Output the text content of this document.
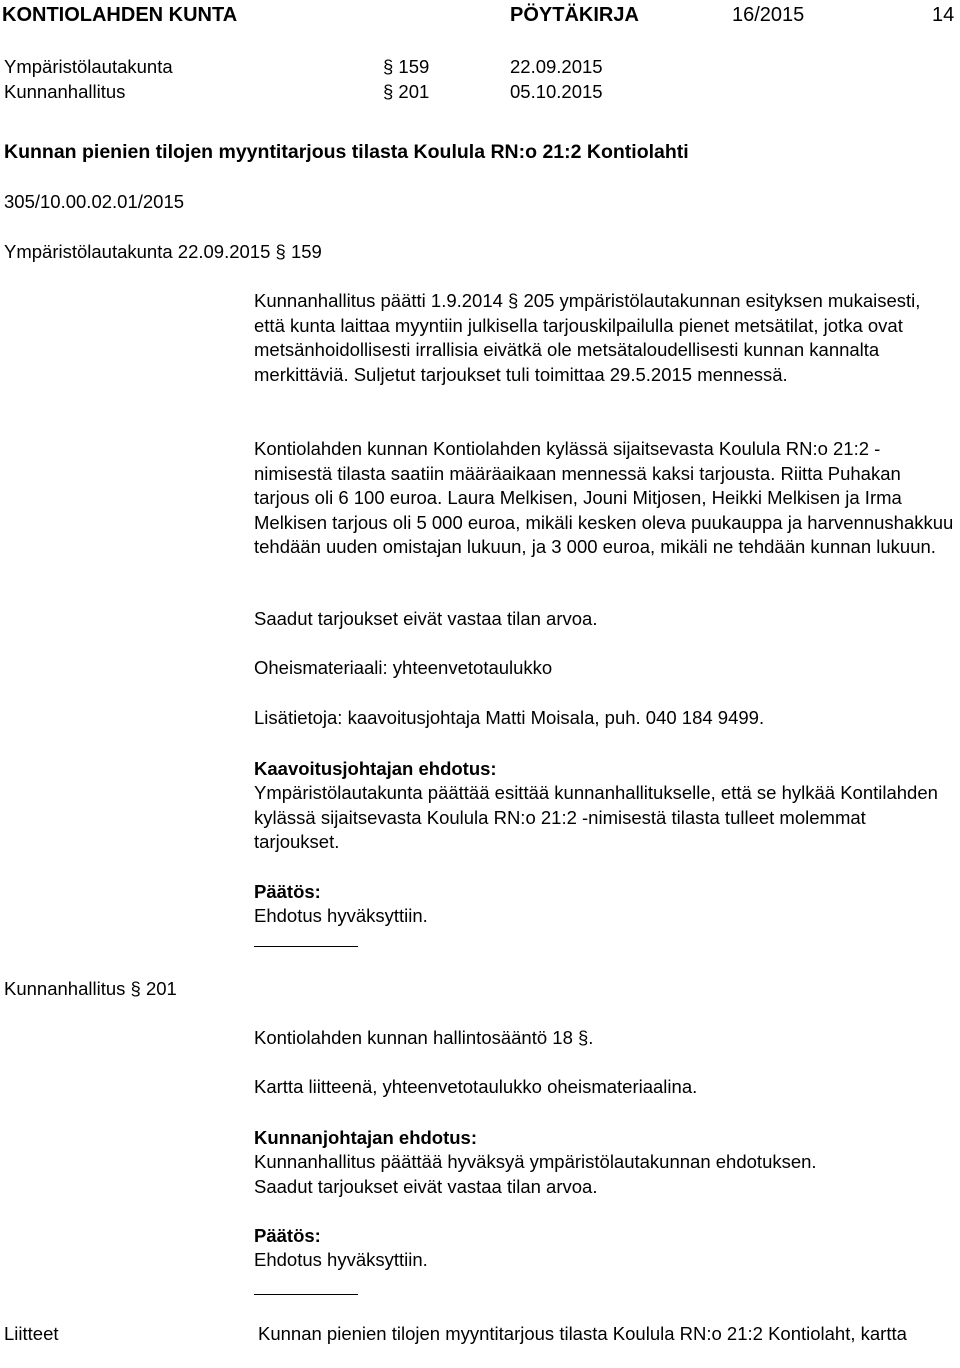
KONTIOLAHDEN KUNTA	PÖYTÄKIRJA	16/2015	14
Ympäristölautakunta	§ 159	22.09.2015
Kunnanhallitus	§ 201	05.10.2015
Kunnan pienien tilojen myyntitarjous tilasta Koulula RN:o 21:2 Kontiolahti
305/10.00.02.01/2015
Ympäristölautakunta 22.09.2015 § 159

Kunnanhallitus päätti 1.9.2014 § 205 ympäristölautakunnan esityksen mukaisesti, että kunta laittaa myyntiin julkisella tarjouskilpailulla pienet metsätilat, jotka ovat metsänhoidollisesti irrallisia eivätkä ole metsätaloudellisesti kunnan kannalta merkittäviä. Suljetut tarjoukset tuli toimittaa 29.5.2015 mennessä.

Kontiolahden kunnan Kontiolahden kylässä sijaitsevasta Koulula RN:o 21:2 -nimisestä tilasta saatiin määräaikaan mennessä kaksi tarjousta. Riitta Puhakan tarjous oli 6 100 euroa. Laura Melkisen, Jouni Mitjosen, Heikki Melkisen ja Irma Melkisen tarjous oli 5 000 euroa, mikäli kesken oleva puukauppa ja harvennushakkuu tehdään uuden omistajan lukuun, ja 3 000 euroa, mikäli ne tehdään kunnan lukuun.

Saadut tarjoukset eivät vastaa tilan arvoa.

Oheismateriaali: yhteenvetotaulukko

Lisätietoja: kaavoitusjohtaja Matti Moisala, puh. 040 184 9499.

Kaavoitusjohtajan ehdotus:

Ympäristölautakunta päättää esittää kunnanhallitukselle, että se hylkää Kontilahden kylässä sijaitsevasta Koulula RN:o 21:2 -nimisestä tilasta tulleet molemmat tarjoukset.

Päätös:
Ehdotus hyväksyttiin.
Kunnanhallitus § 201
Kontiolahden kunnan hallintosääntö 18 §.
Kartta liitteenä, yhteenvetotaulukko oheismateriaalina.
Kunnanjohtajan ehdotus:
Kunnanhallitus päättää hyväksyä ympäristölautakunnan ehdotuksen.
Saadut tarjoukset eivät vastaa tilan arvoa.
Päätös:
Ehdotus hyväksyttiin.
Liitteet	Kunnan pienien tilojen myyntitarjous tilasta Koulula RN:o 21:2 Kontiolaht, kartta
